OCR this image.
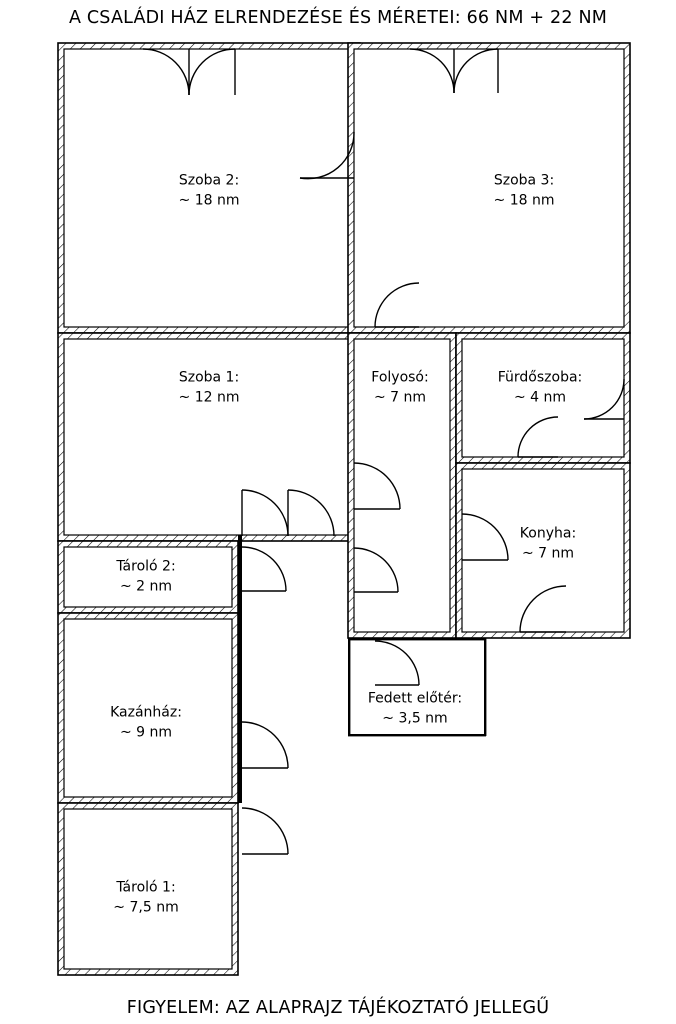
A CSALÁDI HÁZ ELRENDEZÉSE ÉS MÉRETEI: 66 NM + 22 NM
Szoba 2:
~ 18 nm
Szoba 3:
~ 18 nm
Szoba 1:
~ 12 nm
Folyosó:
~ 7 nm
Fürdőszoba:
~ 4 nm
Konyha:
~ 7 nm
Tároló 2:
~ 2 nm
Kazánház:
~ 9 nm
Fedett előtér:
~ 3,5 nm
Tároló 1:
~ 7,5 nm
FIGYELEM: AZ ALAPRAJZ TÁJÉKOZTATÓ JELLEGŰ
